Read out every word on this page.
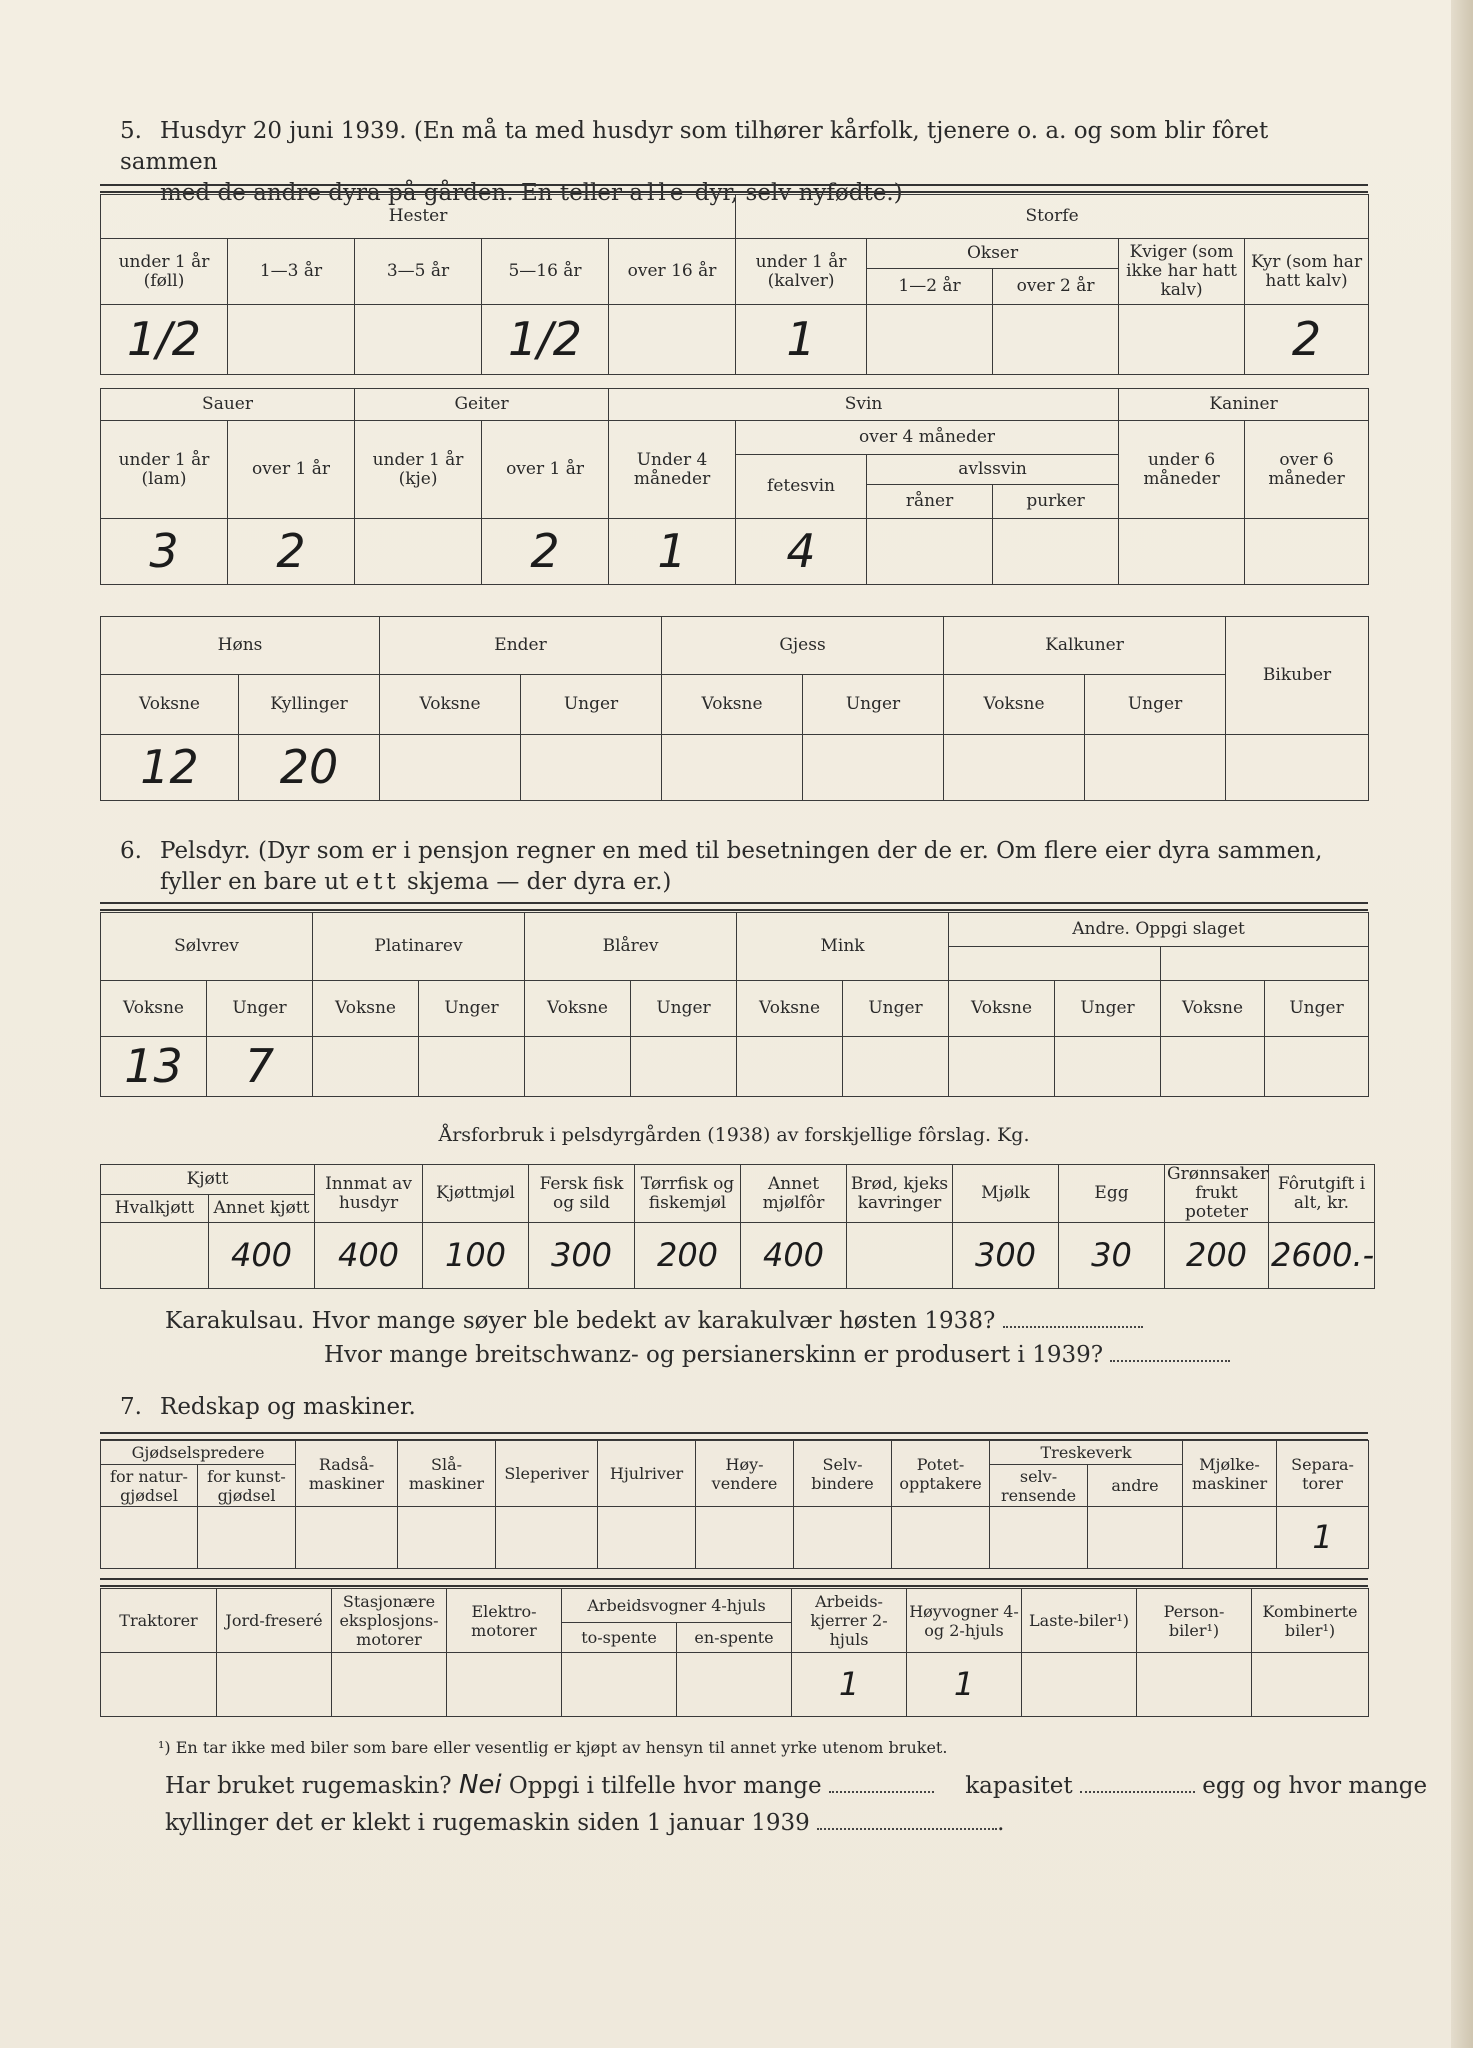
5. Husdyr 20 juni 1939. (En må ta med husdyr som tilhører kårfolk, tjenere o. a. og som blir fôret sammen
med de andre dyra på gården. En teller alle dyr, selv nyfødte.)
Hester					Storfe				
under 1 år (føll)	1—3 år	3—5 år	5—16 år	over 16 år	under 1 år (kalver)	Okser		Kviger (som ikke har hatt kalv)	Kyr (som har hatt kalv)
						1—2 år	over 2 år		
1/2			1/2		1				2
Sauer		Geiter		Svin				Kaniner	
under 1 år (lam)	over 1 år	under 1 år (kje)	over 1 år	Under 4 måneder	over 4 måneder			under 6 måneder	over 6 måneder
					fetesvin	avlssvin			
						råner	purker		
3	2		2	1	4				
Høns		Ender		Gjess		Kalkuner		Bikuber
Voksne	Kyllinger	Voksne	Unger	Voksne	Unger	Voksne	Unger	
12	20							
6. Pelsdyr. (Dyr som er i pensjon regner en med til besetningen der de er. Om flere eier dyra sammen,
fyller en bare ut ett skjema — der dyra er.)
Sølvrev		Platinarev		Blårev		Mink		Andre. Oppgi slaget			

Voksne	Unger	Voksne	Unger	Voksne	Unger	Voksne	Unger	Voksne	Unger	Voksne	Unger
13	7										
Årsforbruk i pelsdyrgården (1938) av forskjellige fôrslag. Kg.
Kjøtt		Innmat av husdyr	Kjøttmjøl	Fersk fisk og sild	Tørrfisk og fiskemjøl	Annet mjølfôr	Brød, kjeks kavringer	Mjølk	Egg	Grønnsaker frukt poteter	Fôrutgift i alt, kr.
Hvalkjøtt	Annet kjøtt										
	400	400	100	300	200	400		300	30	200	2600.-
Karakulsau. Hvor mange søyer ble bedekt av karakulvær høsten 1938?
Hvor mange breitschwanz- og persianerskinn er produsert i 1939?
7. Redskap og maskiner.
Gjødselspredere		Radså-maskiner	Slå-maskiner	Sleperiver	Hjulriver	Høy-vendere	Selv-bindere	Potet-opptakere	Treskeverk		Mjølke-maskiner	Separa-torer
for natur-gjødsel	for kunst-gjødsel								selv-rensende	andre		
												1
Traktorer	Jord-freseré	Stasjonære eksplosjons-motorer	Elektro-motorer	Arbeidsvogner 4-hjuls		Arbeids-kjerrer 2-hjuls	Høyvogner 4- og 2-hjuls	Laste-biler¹)	Person-biler¹)	Kombinerte biler¹)
				to-spente	en-spente					
						1	1			
¹) En tar ikke med biler som bare eller vesentlig er kjøpt av hensyn til annet yrke utenom bruket.
Har bruket rugemaskin? Nei Oppgi i tilfelle hvor mange	kapasitet	egg og hvor mange
kyllinger det er klekt i rugemaskin siden 1 januar 1939	.
